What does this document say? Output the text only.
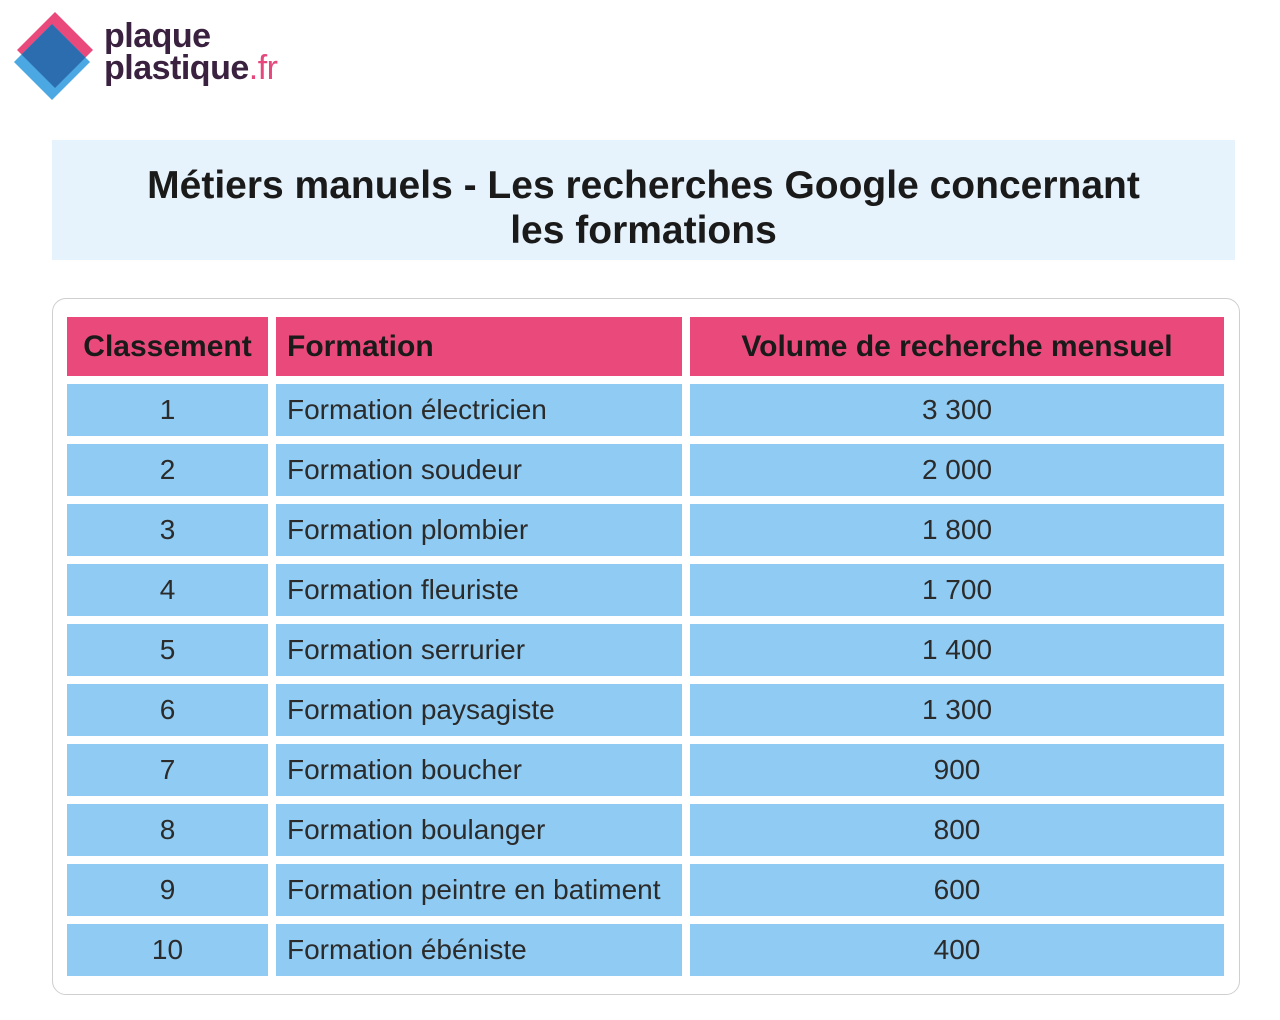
plaque
plastique.fr
Métiers manuels - Les recherches Google concernant
les formations
Classement	Formation	Volume de recherche mensuel
1	Formation électricien	3 300
2	Formation soudeur	2 000
3	Formation plombier	1 800
4	Formation fleuriste	1 700
5	Formation serrurier	1 400
6	Formation paysagiste	1 300
7	Formation boucher	900
8	Formation boulanger	800
9	Formation peintre en batiment	600
10	Formation ébéniste	400
